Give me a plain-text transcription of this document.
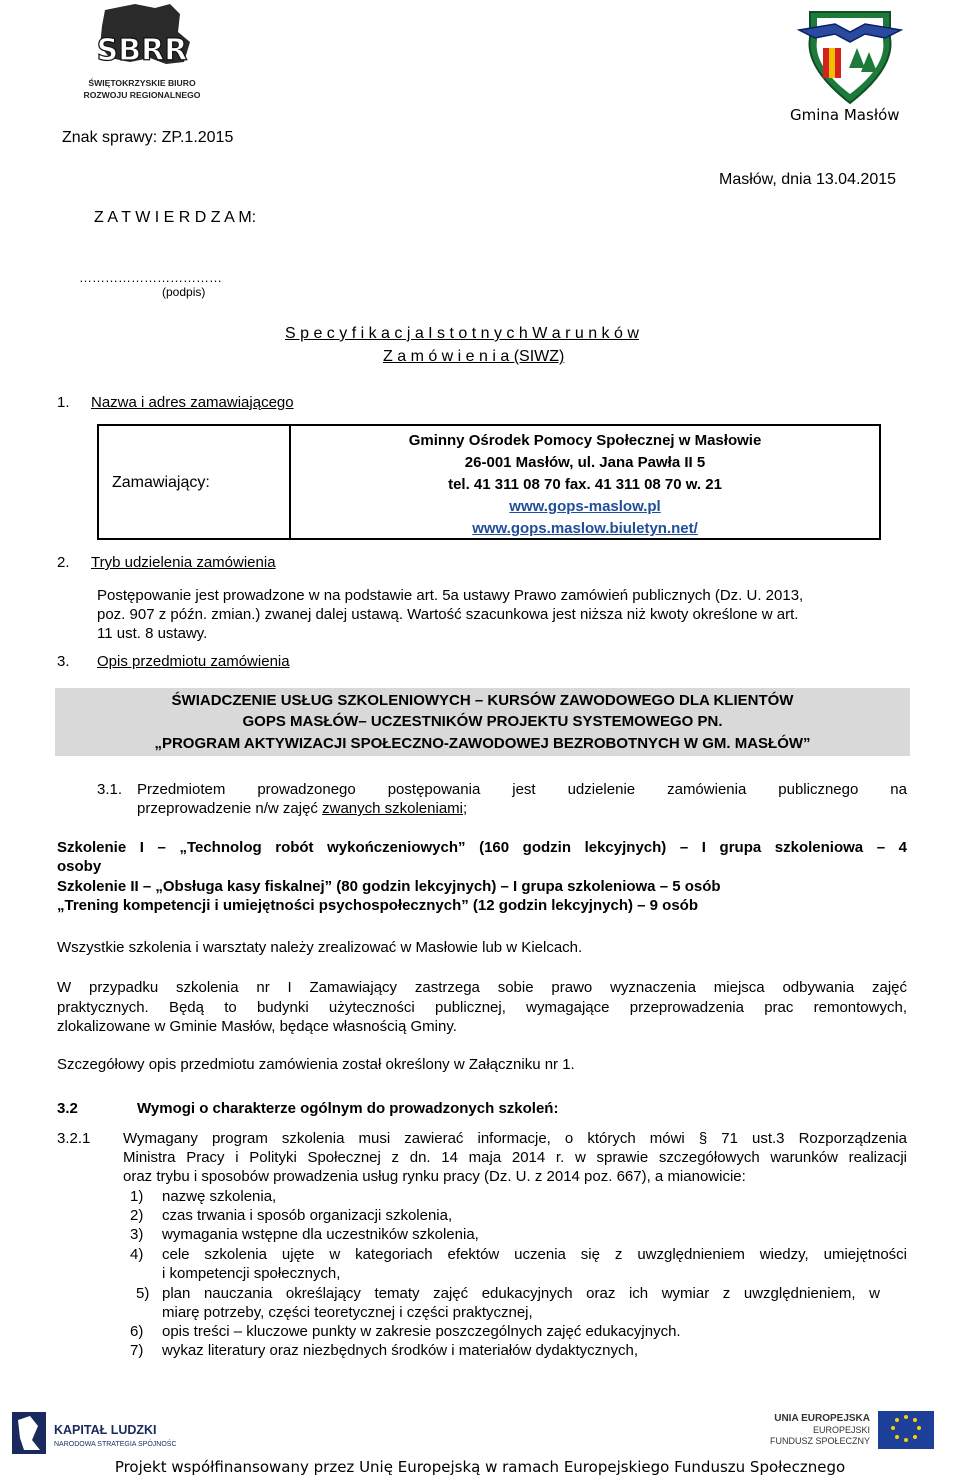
SBRR
ŚWIĘTOKRZYSKIE BIURO
ROZWOJU REGIONALNEGO
Gmina Masłów
Znak sprawy: ZP.1.2015
Masłów, dnia 13.04.2015
Z A T W I E R D Z A M:
……………………………
(podpis)
S p e c y f i k a c j a I s t o t n y c h W a r u n k ó w
Z a m ó w i e n i a (SIWZ)
1. Nazwa i adres zamawiającego
Zamawiający:
Gminny Ośrodek Pomocy Społecznej w Masłowie
26-001 Masłów, ul. Jana Pawła II 5
tel. 41 311 08 70 fax. 41 311 08 70 w. 21
www.gops-maslow.pl
www.gops.maslow.biuletyn.net/
2. Tryb udzielenia zamówienia
Postępowanie jest prowadzone w na podstawie art. 5a ustawy Prawo zamówień publicznych (Dz. U. 2013,
poz. 907 z późn. zmian.) zwanej dalej ustawą. Wartość szacunkowa jest niższa niż kwoty określone w art.
11 ust. 8 ustawy.
3. Opis przedmiotu zamówienia
ŚWIADCZENIE USŁUG SZKOLENIOWYCH – KURSÓW ZAWODOWEGO DLA KLIENTÓW
GOPS MASŁÓW– UCZESTNIKÓW PROJEKTU SYSTEMOWEGO PN.
„PROGRAM AKTYWIZACJI SPOŁECZNO-ZAWODOWEJ BEZROBOTNYCH W GM. MASŁÓW”
3.1. Przedmiotem prowadzonego postępowania jest udzielenie zamówienia publicznego na
przeprowadzenie n/w zajęć zwanych szkoleniami;
Szkolenie I – „Technolog robót wykończeniowych” (160 godzin lekcyjnych) – I grupa szkoleniowa – 4
osoby
Szkolenie II – „Obsługa kasy fiskalnej” (80 godzin lekcyjnych) – I grupa szkoleniowa – 5 osób
„Trening kompetencji i umiejętności psychospołecznych” (12 godzin lekcyjnych) – 9 osób
Wszystkie szkolenia i warsztaty należy zrealizować w Masłowie lub w Kielcach.
W przypadku szkolenia nr I Zamawiający zastrzega sobie prawo wyznaczenia miejsca odbywania zajęć
praktycznych. Będą to budynki użyteczności publicznej, wymagające przeprowadzenia prac remontowych,
zlokalizowane w Gminie Masłów, będące własnością Gminy.
Szczegółowy opis przedmiotu zamówienia został określony w Załączniku nr 1.
3.2	Wymogi o charakterze ogólnym do prowadzonych szkoleń:
3.2.1 Wymagany program szkolenia musi zawierać informacje, o których mówi § 71 ust.3 Rozporządzenia
Ministra Pracy i Polityki Społecznej z dn. 14 maja 2014 r. w sprawie szczegółowych warunków realizacji
oraz trybu i sposobów prowadzenia usług rynku pracy (Dz. U. z 2014 poz. 667), a mianowicie:
1) nazwę szkolenia,
2) czas trwania i sposób organizacji szkolenia,
3) wymagania wstępne dla uczestników szkolenia,
4) cele szkolenia ujęte w kategoriach efektów uczenia się z uwzględnieniem wiedzy, umiejętności
i kompetencji społecznych,
5) plan nauczania określający tematy zajęć edukacyjnych oraz ich wymiar z uwzględnieniem, w
miarę potrzeby, części teoretycznej i części praktycznej,
6) opis treści – kluczowe punkty w zakresie poszczególnych zajęć edukacyjnych.
7) wykaz literatury oraz niezbędnych środków i materiałów dydaktycznych,
KAPITAŁ LUDZKI
NARODOWA STRATEGIA SPÓJNOŚCI
UNIA EUROPEJSKA
EUROPEJSKI
FUNDUSZ SPOŁECZNY
Projekt współfinansowany przez Unię Europejską w ramach Europejskiego Funduszu Społecznego
